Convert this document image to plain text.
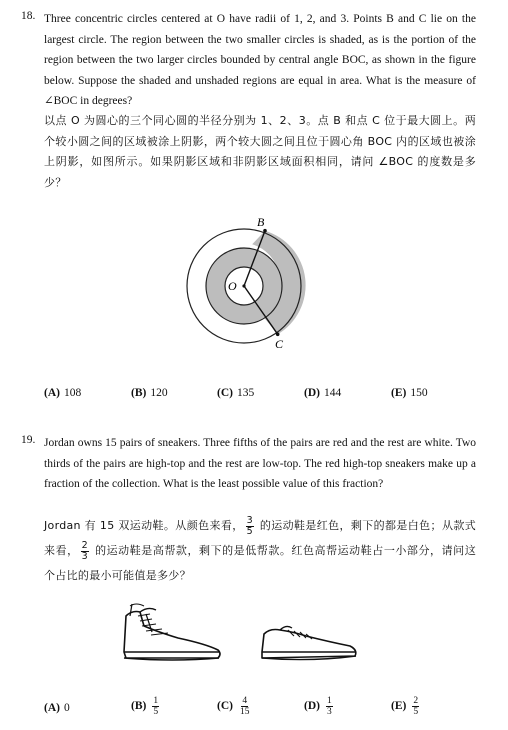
18. Three concentric circles centered at O have radii of 1, 2, and 3. Points B and C lie on the largest circle. The region between the two smaller circles is shaded, as is the portion of the region between the two larger circles bounded by central angle BOC, as shown in the figure below. Suppose the shaded and unshaded regions are equal in area. What is the measure of ∠BOC in degrees?
以点 O 为圆心的三个同心圆的半径分别为 1、2、3。点 B 和点 C 位于最大圆上。两个较小圆之间的区域被涂上阴影，两个较大圆之间且位于圆心角 BOC 内的区域也被涂上阴影，如图所示。如果阴影区域和非阴影区域面积相同，请问 ∠BOC 的度数是多少？
B
C
O
(A) 108	(B) 120	(C) 135	(D) 144	(E) 150
19. Jordan owns 15 pairs of sneakers. Three fifths of the pairs are red and the rest are white. Two thirds of the pairs are high-top and the rest are low-top. The red high-top sneakers make up a fraction of the collection. What is the least possible value of this fraction?
Jordan 有 15 双运动鞋。从颜色来看， $\frac{3}{5}$ 的运动鞋是红色，剩下的都是白色；从款式来看， $\frac{2}{3}$ 的运动鞋是高帮款，剩下的是低帮款。红色高帮运动鞋占一小部分，请问这个占比的最小可能值是多少？
(A) 0	$(B) \frac{1}{5}$	$(C) \frac{4}{15}$	$(D) \frac{1}{3}$	$(E) \frac{2}{5}$
